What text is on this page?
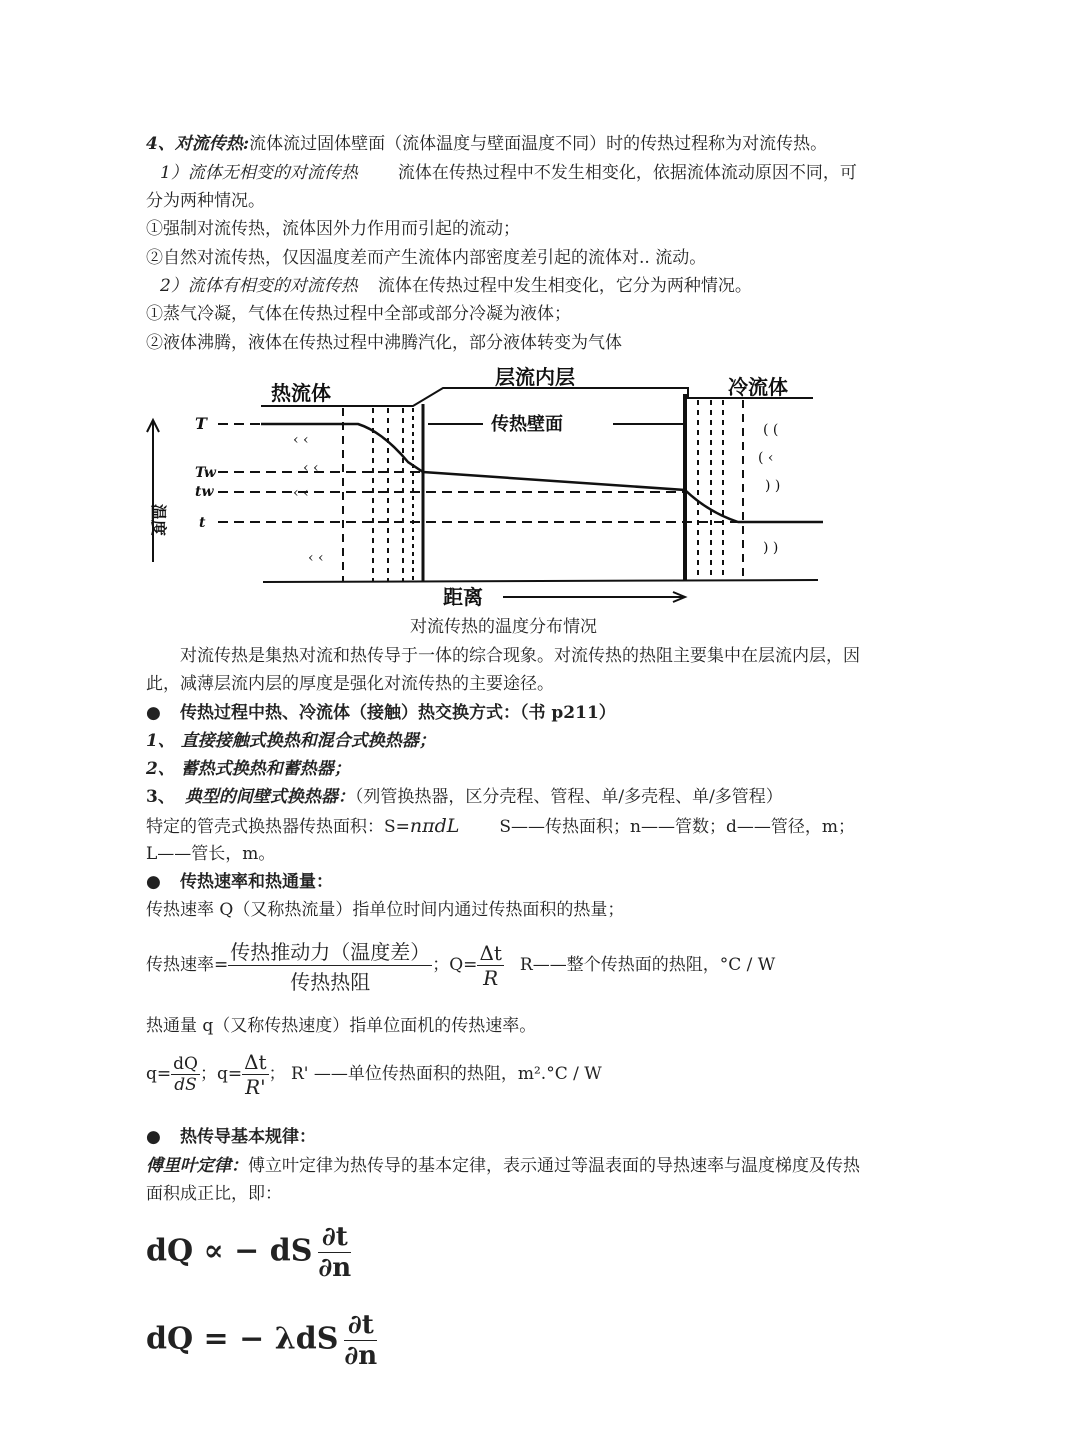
4、对流传热:流体流过固体壁面（流体温度与壁面温度不同）时的传热过程称为对流传热。
1）流体无相变的对流传热 流体在传热过程中不发生相变化，依据流体流动原因不同，可
分为两种情况。
①强制对流传热，流体因外力作用而引起的流动；
②自然对流传热，仅因温度差而产生流体内部密度差引起的流体对.. 流动。
2）流体有相变的对流传热 流体在传热过程中发生相变化，它分为两种情况。
①蒸气冷凝，气体在传热过程中全部或部分冷凝为液体；
②液体沸腾，液体在传热过程中沸腾汽化，部分液体转变为气体
‹ ‹
‹ ‹
‹ ‹
‹ ‹
( (
( ‹
) )
) )
热流体
层流内层	冷流体
传热壁面
距离
温度
T
Tw
tw
t
对流传热的温度分布情况
对流传热是集热对流和热传导于一体的综合现象。对流传热的热阻主要集中在层流内层，因
此，减薄层流内层的厚度是强化对流传热的主要途径。
● 传热过程中热、冷流体（接触）热交换方式：（书 p211）
1、 直接接触式换热和混合式换热器；
2、 蓄热式换热和蓄热器；
3、 典型的间壁式换热器：（列管换热器，区分壳程、管程、单/多壳程、单/多管程）
特定的管壳式换热器传热面积：S=nπdL S——传热面积；n——管数；d——管径，m；
L——管长，m。
● 传热速率和热通量：
传热速率 Q（又称热流量）指单位时间内通过传热面积的热量；
传热速率= $\frac{\text{传热推动力（温度差）}}{\text{传热热阻}}$ ；$Q= \frac{\Delta t}{R}$ R——整个传热面的热阻，°C / W
热通量 q（又称传热速度）指单位面机的传热速率。
$q= \frac{dQ}{dS}$ ；$q= \frac{\Delta t}{R'}$ ； R' ——单位传热面积的热阻，m².°C / W
● 热传导基本规律：
傅里叶定律：傅立叶定律为热传导的基本定律，表示通过等温表面的导热速率与温度梯度及传热
面积成正比，即：
dQ ∝ − dS $\frac{\partial t}{\partial n}$
dQ = − λdS $\frac{\partial t}{\partial n}$
